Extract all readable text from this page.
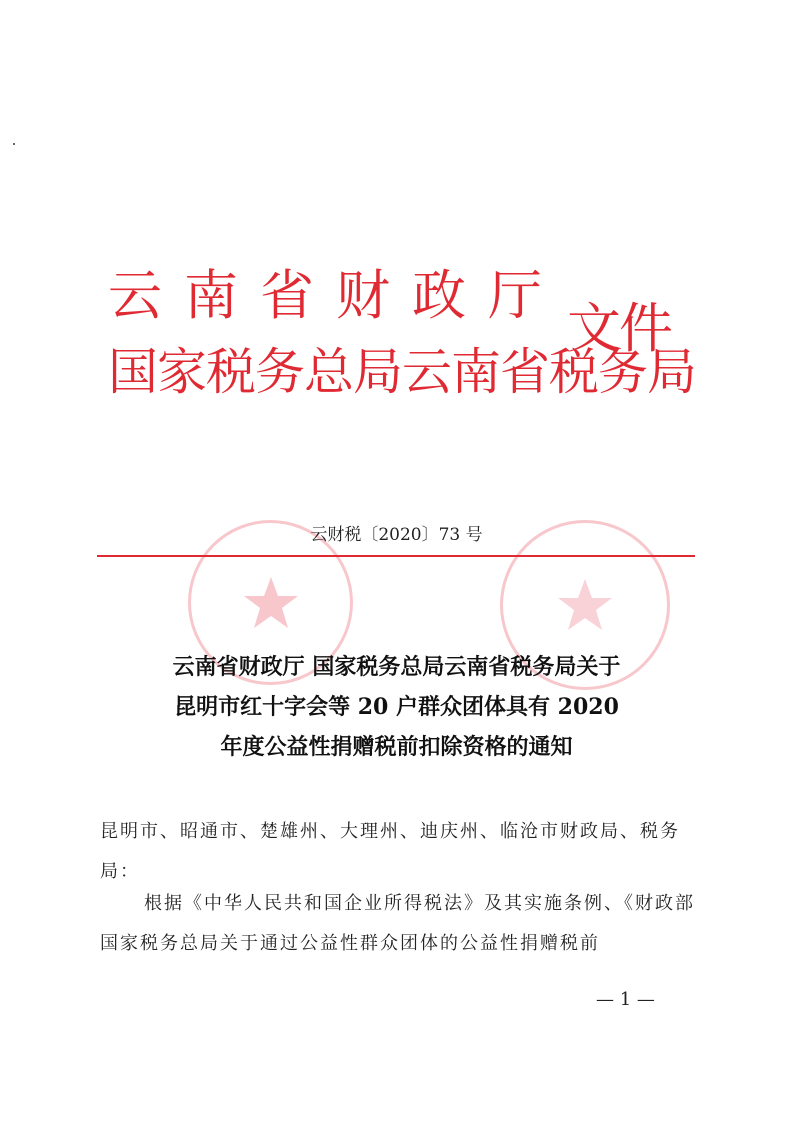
云南省财政厅
国家税务总局云南省税务局
文件
云财税〔2020〕73 号
云南省财政厅 国家税务总局云南省税务局关于
昆明市红十字会等 20 户群众团体具有 2020
年度公益性捐赠税前扣除资格的通知
昆明市、昭通市、楚雄州、大理州、迪庆州、临沧市财政局、税务局：
根据《中华人民共和国企业所得税法》及其实施条例、《财政部 国家税务总局关于通过公益性群众团体的公益性捐赠税前
— 1 —
